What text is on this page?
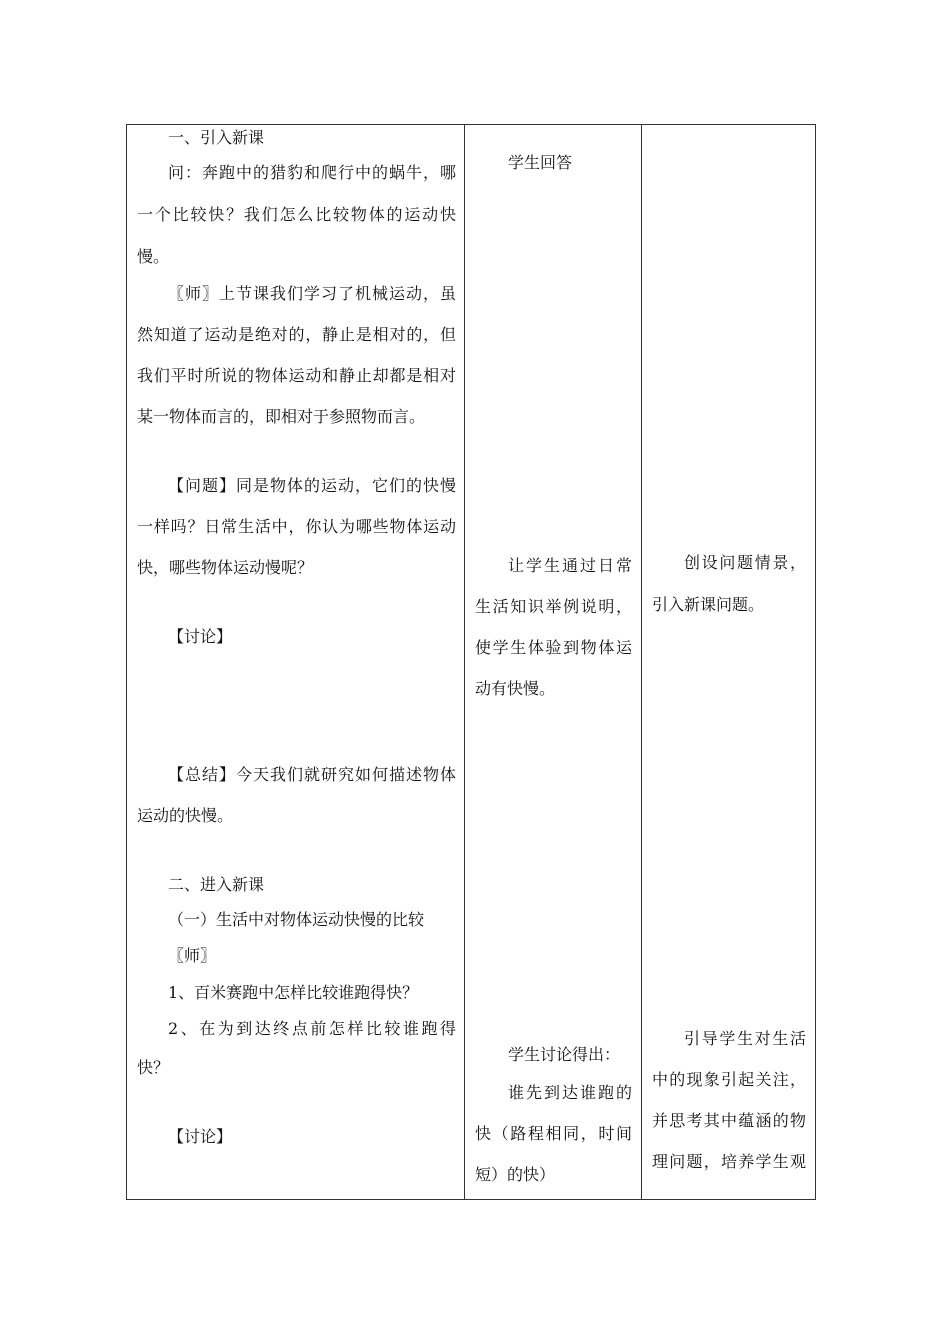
一、引入新课
问：奔跑中的猎豹和爬行中的蜗牛，哪
一个比较快？我们怎么比较物体的运动快
慢。
〖师〗上节课我们学习了机械运动，虽
然知道了运动是绝对的，静止是相对的，但
我们平时所说的物体运动和静止却都是相对
某一物体而言的，即相对于参照物而言。
【问题】同是物体的运动，它们的快慢
一样吗？日常生活中，你认为哪些物体运动
快，哪些物体运动慢呢？
【讨论】
【总结】今天我们就研究如何描述物体
运动的快慢。
二、进入新课
（一）生活中对物体运动快慢的比较
〖师〗
1、百米赛跑中怎样比较谁跑得快？
2、在为到达终点前怎样比较谁跑得
快？
【讨论】
学生回答
让学生通过日常
生活知识举例说明，
使学生体验到物体运
动有快慢。
学生讨论得出：
谁先到达谁跑的
快（路程相同，时间
短）的快）
创设问题情景，
引入新课问题。
引导学生对生活
中的现象引起关注，
并思考其中蕴涵的物
理问题，培养学生观
